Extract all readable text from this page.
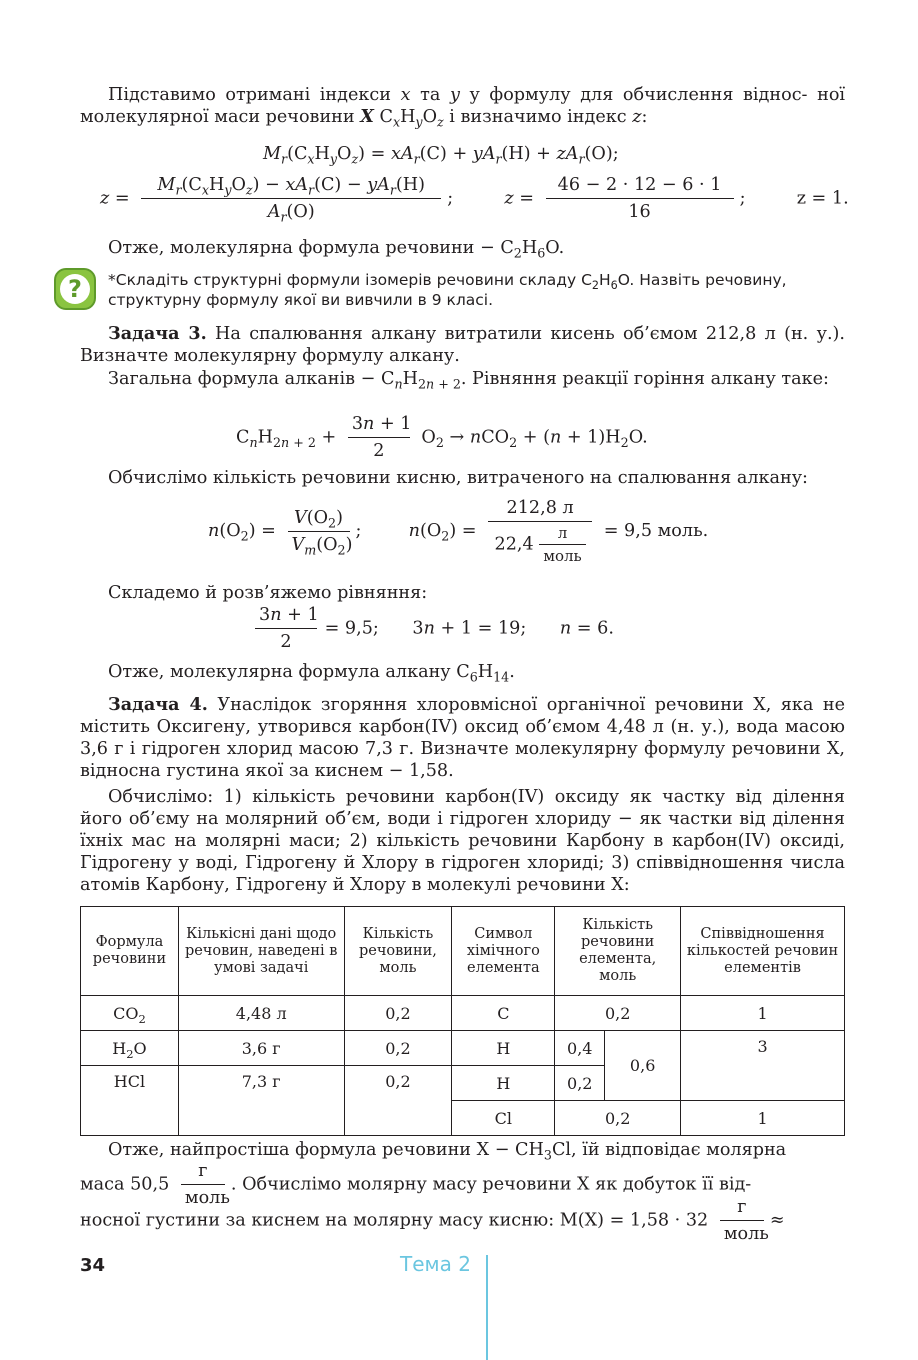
Підставимо отримані індекси x та y у формулу для обчислення віднос- ної молекулярної маси речовини X $C_xH_yO_z$ і визначимо індекс z:
$M_r(C_xH_yO_z) = xA_r(C) + yA_r(H) + zA_r(O)$;
$z = \frac{M_r(C_xH_yO_z) - xA_r(C) - yA_r(H)}{A_r(O)}$ ;	$z = \frac{46 - 2 \cdot 12 - 6 \cdot 1}{16}$ ;	z = 1.
Отже, молекулярна формула речовини − $C_2H_6O$.
?	*Складіть структурні формули ізомерів речовини складу $C_2H_6O$. Назвіть речовину, структурну формулу якої ви вивчили в 9 класі.
Задача 3. На спалювання алкану витратили кисень об’ємом 212,8 л (н. у.). Визначте молекулярну формулу алкану.
Загальна формула алканів − $C_nH_{2n + 2}$. Рівняння реакції горіння алкану таке:
$C_nH_{2n + 2} + \frac{3n + 1}{2} O_2 \to nCO_2 + (n + 1)H_2O$.
Обчислімо кількість речовини кисню, витраченого на спалювання алкану:
$n(O_2) = \frac{V(O_2)}{V_m(O_2)}$ ;  $n(O_2) = \frac{212,8 л}{22,4 \frac{л}{\text{моль}}} = 9,5$ моль.
Складемо й розв’яжемо рівняння:
$\frac{3n + 1}{2} = 9,5$;      3n + 1 = 19;      n = 6.
Отже, молекулярна формула алкану $C_6H_{14}$.
Задача 4. Унаслідок згоряння хлоровмісної органічної речовини X, яка не містить Оксигену, утворився карбон(IV) оксид об’ємом 4,48 л (н. у.), вода масою 3,6 г і гідроген хлорид масою 7,3 г. Визначте молекулярну формулу речовини X, відносна густина якої за киснем − 1,58.
Обчислімо: 1) кількість речовини карбон(IV) оксиду як частку від ділення його об’єму на молярний об’єм, води і гідроген хлориду − як частки від ділення їхніх мас на молярні маси; 2) кількість речовини Карбону в карбон(IV) оксиді, Гідрогену у воді, Гідрогену й Хлору в гідроген хлориді; 3) співвідношення числа атомів Карбону, Гідрогену й Хлору в молекулі речовини X:
Формула речовини	Кількісні дані щодо речовин, наведені в умові задачі	Кількість речовини, моль	Символ хімічного елемента	Кількість речовини елемента, моль		Співвідношення кількостей речовин елементів
$CO_2$	4,48 л	0,2	C	0,2		1
$H_2O$	3,6 г	0,2	H	0,4	0,6	3
HCl	7,3 г	0,2	H	0,2		
			Cl	0,2		1
Отже, найпростіша формула речовини $X - CH_3Cl$, їй відповідає молярна
маса $50,5 \frac{г}{\text{моль}}$ . Обчислімо молярну масу речовини X як добуток її від-
носної густини за киснем на молярну масу кисню: $M(X) = 1,58 \cdot 32 \frac{г}{\text{моль}}$ ≈
34	Тема 2
